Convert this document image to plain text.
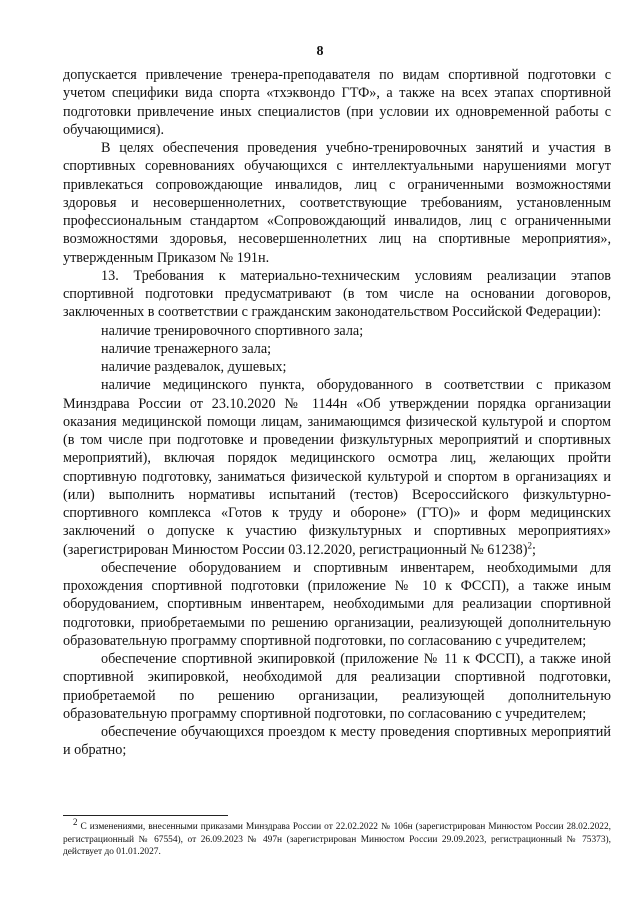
8

допускается привлечение тренера-преподавателя по видам спортивной подготовки с учетом специфики вида спорта «тхэквондо ГТФ», а также на всех этапах спортивной подготовки привлечение иных специалистов (при условии их одновременной работы с обучающимися).

В целях обеспечения проведения учебно-тренировочных занятий и участия в спортивных соревнованиях обучающихся с интеллектуальными нарушениями могут привлекаться сопровождающие инвалидов, лиц с ограниченными возможностями здоровья и несовершеннолетних, соответствующие требованиям, установленным профессиональным стандартом «Сопровождающий инвалидов, лиц с ограниченными возможностями здоровья, несовершеннолетних лиц на спортивные мероприятия», утвержденным Приказом № 191н.

13. Требования к материально-техническим условиям реализации этапов спортивной подготовки предусматривают (в том числе на основании договоров, заключенных в соответствии с гражданским законодательством Российской Федерации):

наличие тренировочного спортивного зала;

наличие тренажерного зала;

наличие раздевалок, душевых;

наличие медицинского пункта, оборудованного в соответствии с приказом Минздрава России от 23.10.2020 № 1144н «Об утверждении порядка организации оказания медицинской помощи лицам, занимающимся физической культурой и спортом (в том числе при подготовке и проведении физкультурных мероприятий и спортивных мероприятий), включая порядок медицинского осмотра лиц, желающих пройти спортивную подготовку, заниматься физической культурой и спортом в организациях и (или) выполнить нормативы испытаний (тестов) Всероссийского физкультурно-спортивного комплекса «Готов к труду и обороне» (ГТО)» и форм медицинских заключений о допуске к участию физкультурных и спортивных мероприятиях» (зарегистрирован Минюстом России 03.12.2020, регистрационный № 61238)$^2$;

обеспечение оборудованием и спортивным инвентарем, необходимыми для прохождения спортивной подготовки (приложение № 10 к ФССП), а также иным оборудованием, спортивным инвентарем, необходимыми для реализации спортивной подготовки, приобретаемыми по решению организации, реализующей дополнительную образовательную программу спортивной подготовки, по согласованию с учредителем;

обеспечение спортивной экипировкой (приложение № 11 к ФССП), а также иной спортивной экипировкой, необходимой для реализации спортивной подготовки, приобретаемой по решению организации, реализующей дополнительную образовательную программу спортивной подготовки, по согласованию с учредителем;

обеспечение обучающихся проездом к месту проведения спортивных мероприятий и обратно;

$^2$ С изменениями, внесенными приказами Минздрава России от 22.02.2022 № 106н (зарегистрирован Минюстом России 28.02.2022, регистрационный № 67554), от 26.09.2023 № 497н (зарегистрирован Минюстом России 29.09.2023, регистрационный № 75373), действует до 01.01.2027.
